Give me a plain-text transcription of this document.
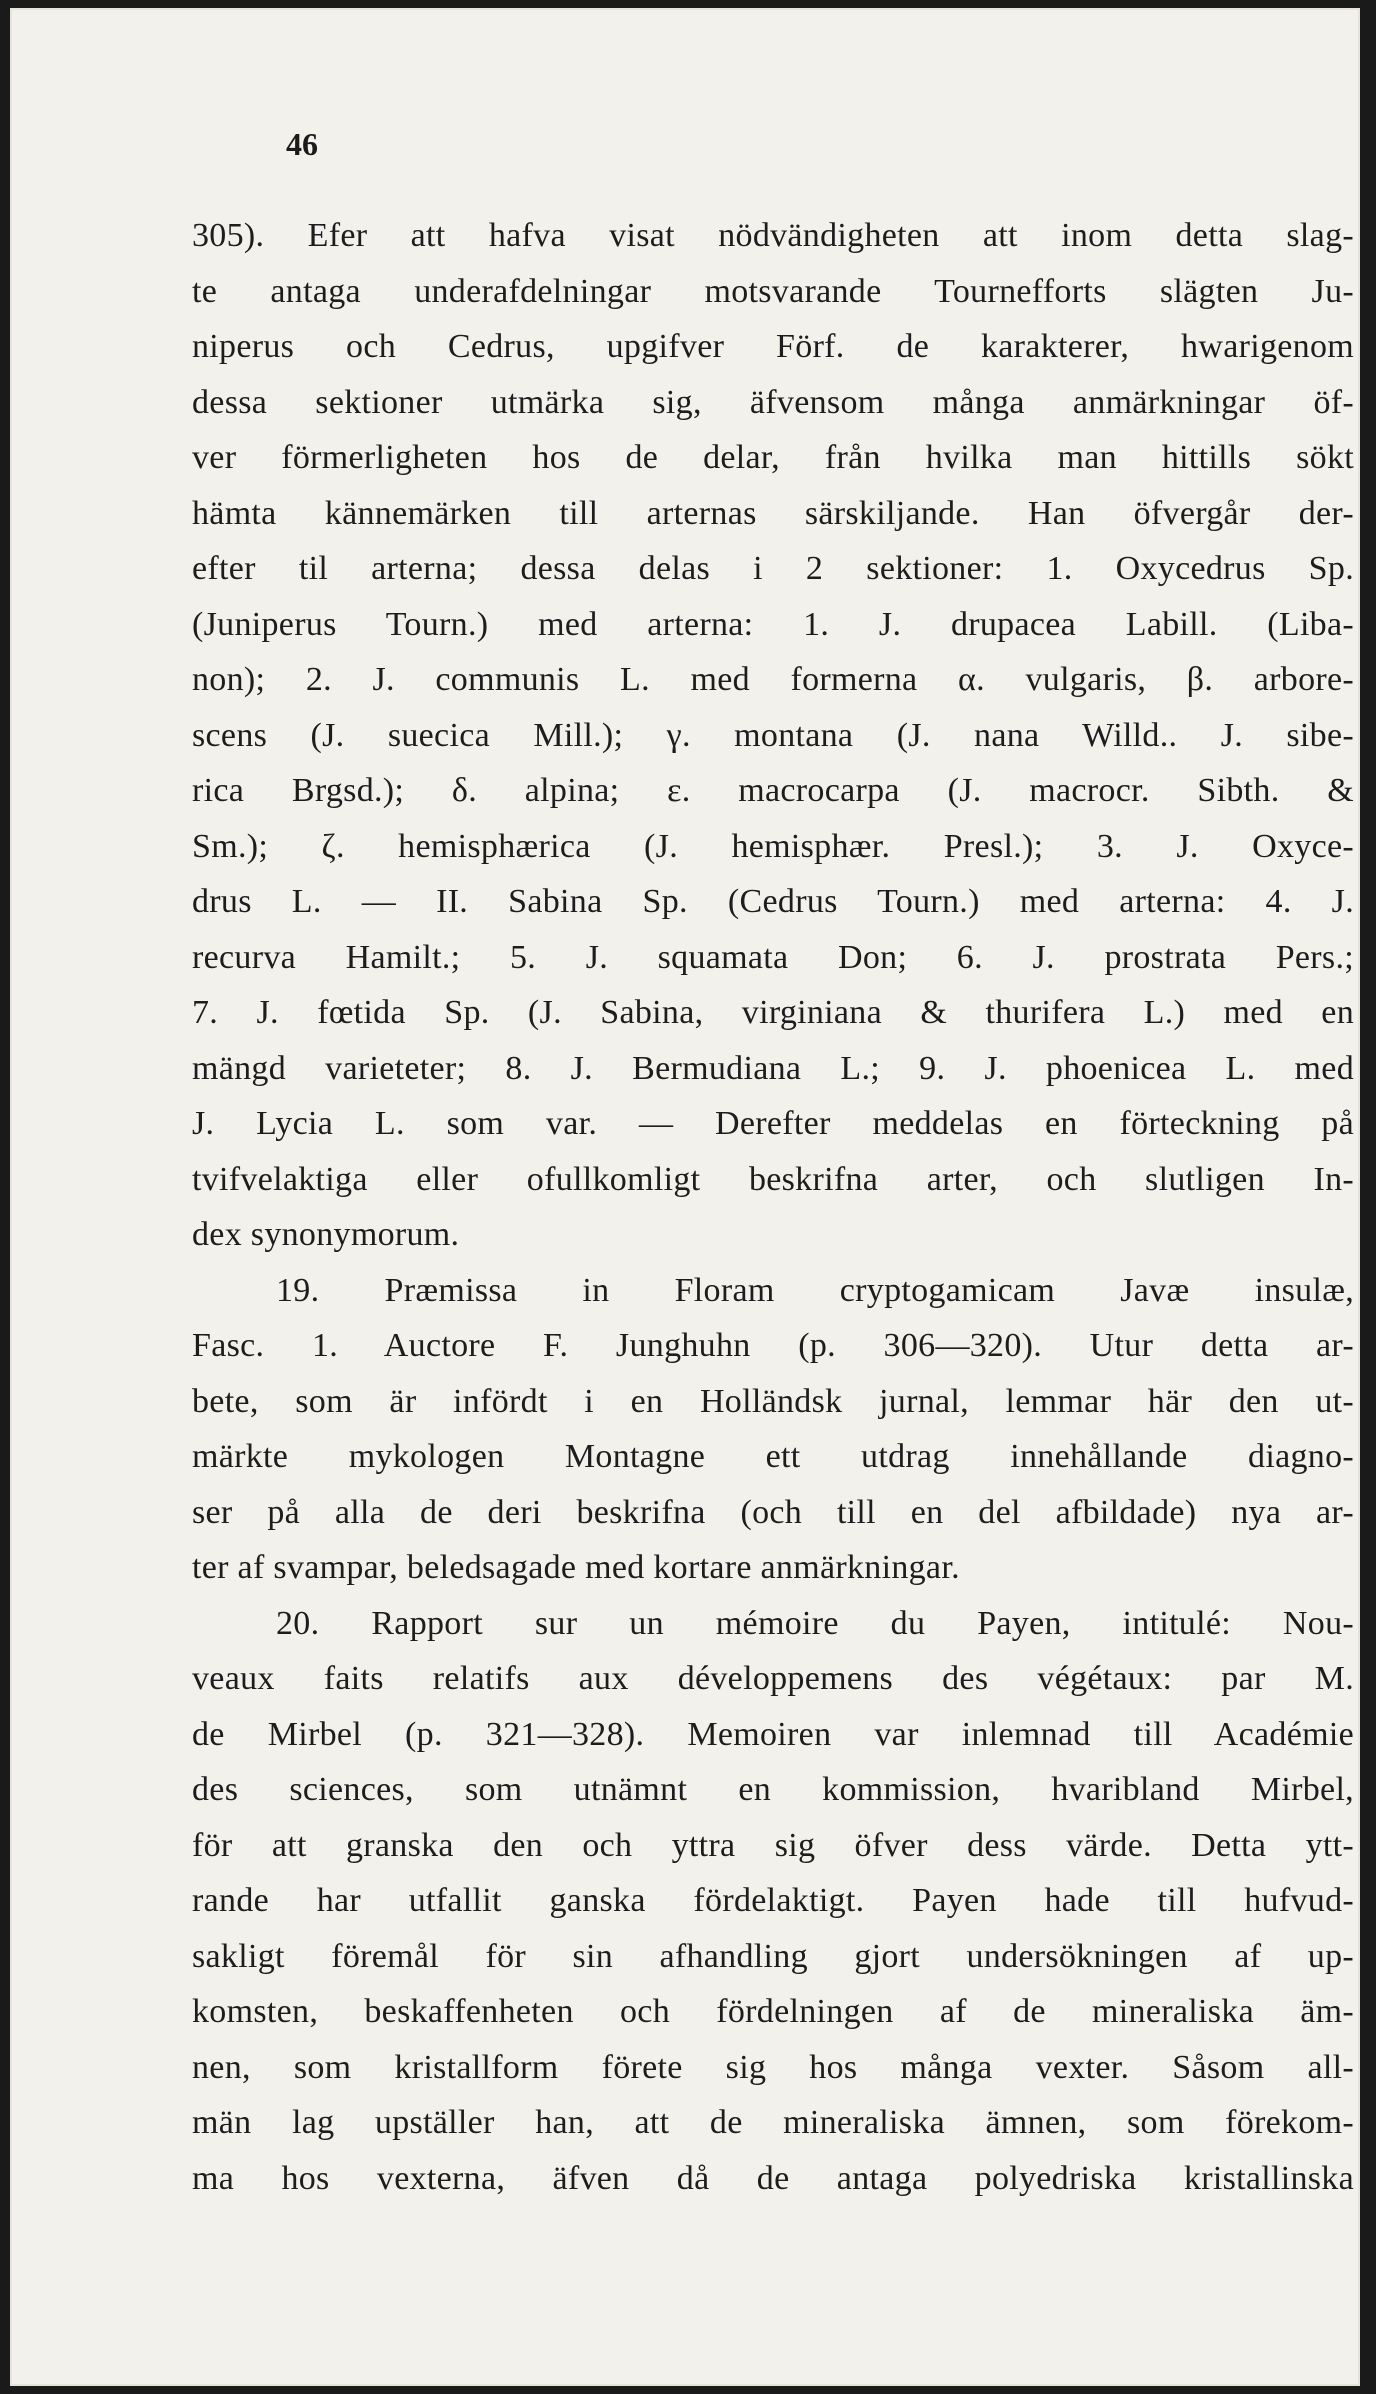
46
305). Efer att hafva visat nödvändigheten att inom detta slag-
te antaga underafdelningar motsvarande Tournefforts slägten Ju-
niperus och Cedrus, upgifver Förf. de karakterer, hwarigenom
dessa sektioner utmärka sig, äfvensom många anmärkningar öf-
ver förmerligheten hos de delar, från hvilka man hittills sökt
hämta kännemärken till arternas särskiljande. Han öfvergår der-
efter til arterna; dessa delas i 2 sektioner: 1. Oxycedrus Sp.
(Juniperus Tourn.) med arterna: 1. J. drupacea Labill. (Liba-
non); 2. J. communis L. med formerna α. vulgaris, β. arbore-
scens (J. suecica Mill.); γ. montana (J. nana Willd.. J. sibe-
rica Brgsd.); δ. alpina; ε. macrocarpa (J. macrocr. Sibth. &
Sm.); ζ. hemisphærica (J. hemisphær. Presl.); 3. J. Oxyce-
drus L. — II. Sabina Sp. (Cedrus Tourn.) med arterna: 4. J.
recurva Hamilt.; 5. J. squamata Don; 6. J. prostrata Pers.;
7. J. fœtida Sp. (J. Sabina, virginiana & thurifera L.) med en
mängd varieteter; 8. J. Bermudiana L.; 9. J. phoenicea L. med
J. Lycia L. som var. — Derefter meddelas en förteckning på
tvifvelaktiga eller ofullkomligt beskrifna arter, och slutligen In-
dex synonymorum.
19. Præmissa in Floram cryptogamicam Javæ insulæ,
Fasc. 1. Auctore F. Junghuhn (p. 306—320). Utur detta ar-
bete, som är infördt i en Holländsk jurnal, lemmar här den ut-
märkte mykologen Montagne ett utdrag innehållande diagno-
ser på alla de deri beskrifna (och till en del afbildade) nya ar-
ter af svampar, beledsagade med kortare anmärkningar.
20. Rapport sur un mémoire du Payen, intitulé: Nou-
veaux faits relatifs aux développemens des végétaux: par M.
de Mirbel (p. 321—328). Memoiren var inlemnad till Académie
des sciences, som utnämnt en kommission, hvaribland Mirbel,
för att granska den och yttra sig öfver dess värde. Detta ytt-
rande har utfallit ganska fördelaktigt. Payen hade till hufvud-
sakligt föremål för sin afhandling gjort undersökningen af up-
komsten, beskaffenheten och fördelningen af de mineraliska äm-
nen, som kristallform förete sig hos många vexter. Såsom all-
män lag upställer han, att de mineraliska ämnen, som förekom-
ma hos vexterna, äfven då de antaga polyedriska kristallinska
